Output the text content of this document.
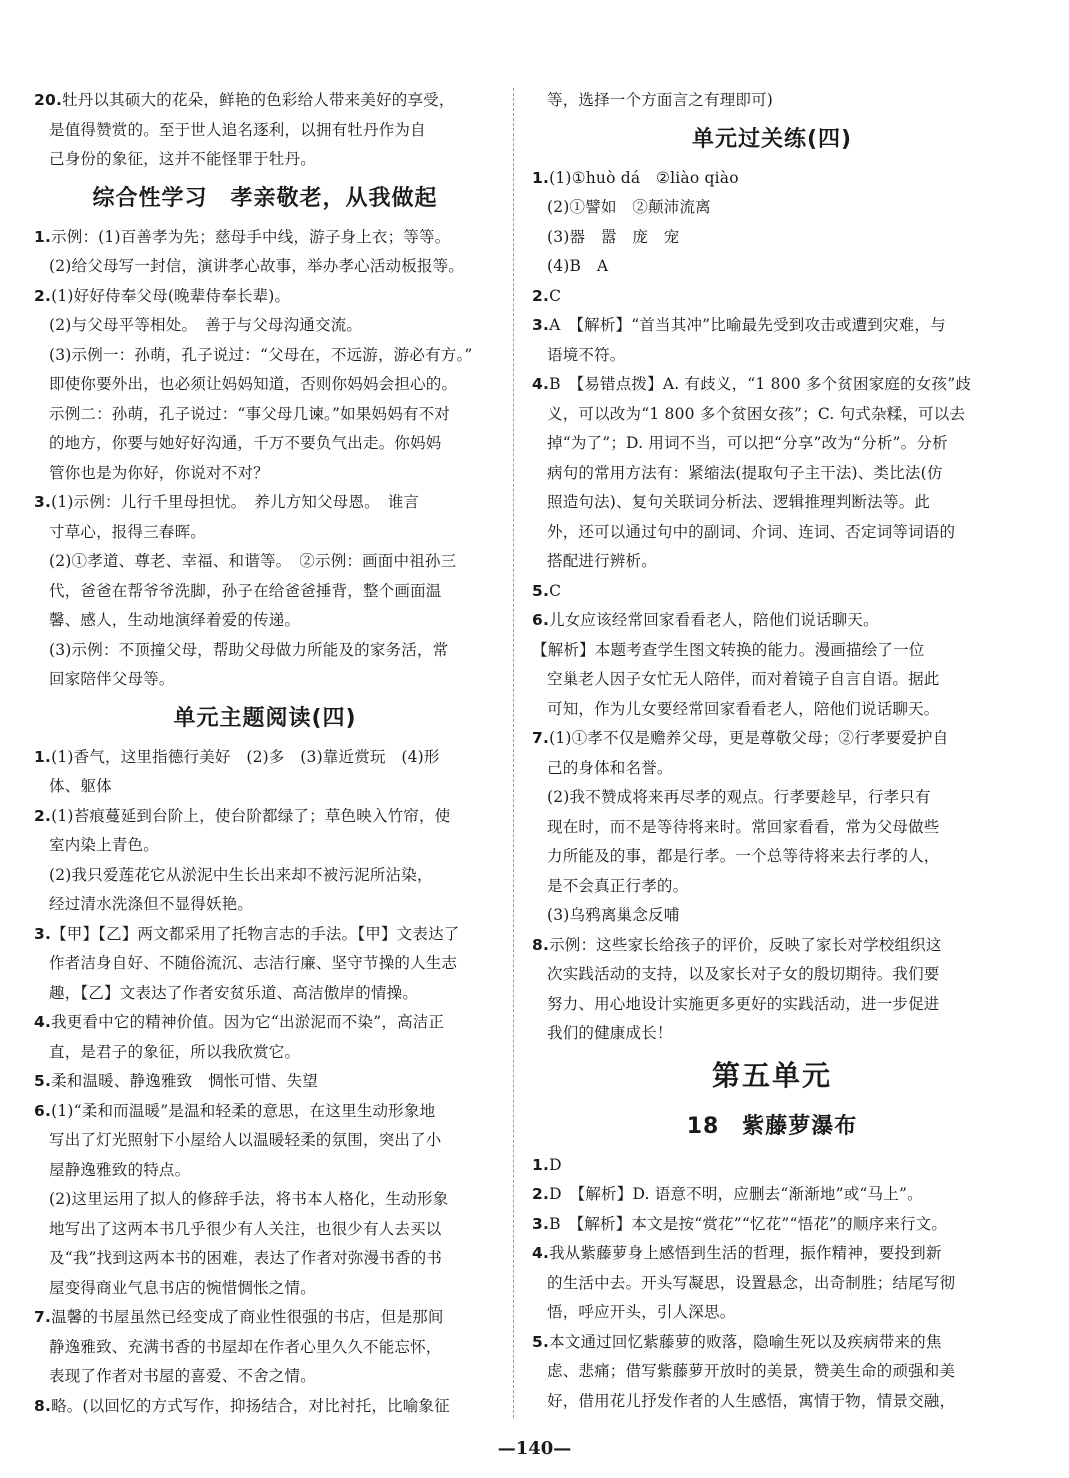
20.牡丹以其硕大的花朵，鲜艳的色彩给人带来美好的享受，
是值得赞赏的。至于世人追名逐利，以拥有牡丹作为自
己身份的象征，这并不能怪罪于牡丹。
综合性学习　孝亲敬老，从我做起
1.示例：(1)百善孝为先；慈母手中线，游子身上衣；等等。
(2)给父母写一封信，演讲孝心故事，举办孝心活动板报等。
2.(1)好好侍奉父母(晚辈侍奉长辈)。
(2)与父母平等相处。　善于与父母沟通交流。
(3)示例一：孙萌，孔子说过：“父母在，不远游，游必有方。”
即使你要外出，也必须让妈妈知道，否则你妈妈会担心的。
示例二：孙萌，孔子说过：“事父母几谏。”如果妈妈有不对
的地方，你要与她好好沟通，千万不要负气出走。你妈妈
管你也是为你好，你说对不对？
3.(1)示例：儿行千里母担忧。　养儿方知父母恩。　谁言
寸草心，报得三春晖。
(2)①孝道、尊老、幸福、和谐等。　②示例：画面中祖孙三
代，爸爸在帮爷爷洗脚，孙子在给爸爸捶背，整个画面温
馨、感人，生动地演绎着爱的传递。
(3)示例：不顶撞父母，帮助父母做力所能及的家务活，常
回家陪伴父母等。
单元主题阅读(四)
1.(1)香气，这里指德行美好　(2)多　(3)靠近赏玩　(4)形
体、躯体
2.(1)苔痕蔓延到台阶上，使台阶都绿了；草色映入竹帘，使
室内染上青色。
(2)我只爱莲花它从淤泥中生长出来却不被污泥所沾染，
经过清水洗涤但不显得妖艳。
3.【甲】【乙】两文都采用了托物言志的手法。【甲】文表达了
作者洁身自好、不随俗流沉、志洁行廉、坚守节操的人生志
趣，【乙】文表达了作者安贫乐道、高洁傲岸的情操。
4.我更看中它的精神价值。因为它“出淤泥而不染”，高洁正
直，是君子的象征，所以我欣赏它。
5.柔和温暖、静逸雅致　惆怅可惜、失望
6.(1)“柔和而温暖”是温和轻柔的意思，在这里生动形象地
写出了灯光照射下小屋给人以温暖轻柔的氛围，突出了小
屋静逸雅致的特点。
(2)这里运用了拟人的修辞手法，将书本人格化，生动形象
地写出了这两本书几乎很少有人关注，也很少有人去买以
及“我”找到这两本书的困难，表达了作者对弥漫书香的书
屋变得商业气息书店的惋惜惆怅之情。
7.温馨的书屋虽然已经变成了商业性很强的书店，但是那间
静逸雅致、充满书香的书屋却在作者心里久久不能忘怀，
表现了作者对书屋的喜爱、不舍之情。
8.略。(以回忆的方式写作，抑扬结合，对比衬托，比喻象征
等，选择一个方面言之有理即可)
单元过关练(四)
1.(1)①huò dá　②liào qiào
(2)①譬如　②颠沛流离
(3)器　嚣　庞　宠
(4)B　A
2.C
3.A　【解析】“首当其冲”比喻最先受到攻击或遭到灾难，与
语境不符。
4.B　【易错点拨】A. 有歧义，“1 800 多个贫困家庭的女孩”歧
义，可以改为“1 800 多个贫困女孩”；C. 句式杂糅，可以去
掉“为了”；D. 用词不当，可以把“分享”改为“分析”。分析
病句的常用方法有：紧缩法(提取句子主干法)、类比法(仿
照造句法)、复句关联词分析法、逻辑推理判断法等。此
外，还可以通过句中的副词、介词、连词、否定词等词语的
搭配进行辨析。
5.C
6.儿女应该经常回家看看老人，陪他们说话聊天。
【解析】本题考查学生图文转换的能力。漫画描绘了一位
空巢老人因子女忙无人陪伴，而对着镜子自言自语。据此
可知，作为儿女要经常回家看看老人，陪他们说话聊天。
7.(1)①孝不仅是赡养父母，更是尊敬父母；②行孝要爱护自
己的身体和名誉。
(2)我不赞成将来再尽孝的观点。行孝要趁早，行孝只有
现在时，而不是等待将来时。常回家看看，常为父母做些
力所能及的事，都是行孝。一个总等待将来去行孝的人，
是不会真正行孝的。
(3)乌鸦离巢念反哺
8.示例：这些家长给孩子的评价，反映了家长对学校组织这
次实践活动的支持，以及家长对子女的殷切期待。我们要
努力、用心地设计实施更多更好的实践活动，进一步促进
我们的健康成长！
第五单元
18　紫藤萝瀑布
1.D
2.D　【解析】D. 语意不明，应删去“渐渐地”或“马上”。
3.B　【解析】本文是按“赏花”“忆花”“悟花”的顺序来行文。
4.我从紫藤萝身上感悟到生活的哲理，振作精神，要投到新
的生活中去。开头写凝思，设置悬念，出奇制胜；结尾写彻
悟，呼应开头，引人深思。
5.本文通过回忆紫藤萝的败落，隐喻生死以及疾病带来的焦
虑、悲痛；借写紫藤萝开放时的美景，赞美生命的顽强和美
好，借用花儿抒发作者的人生感悟，寓情于物，情景交融，
—140—
